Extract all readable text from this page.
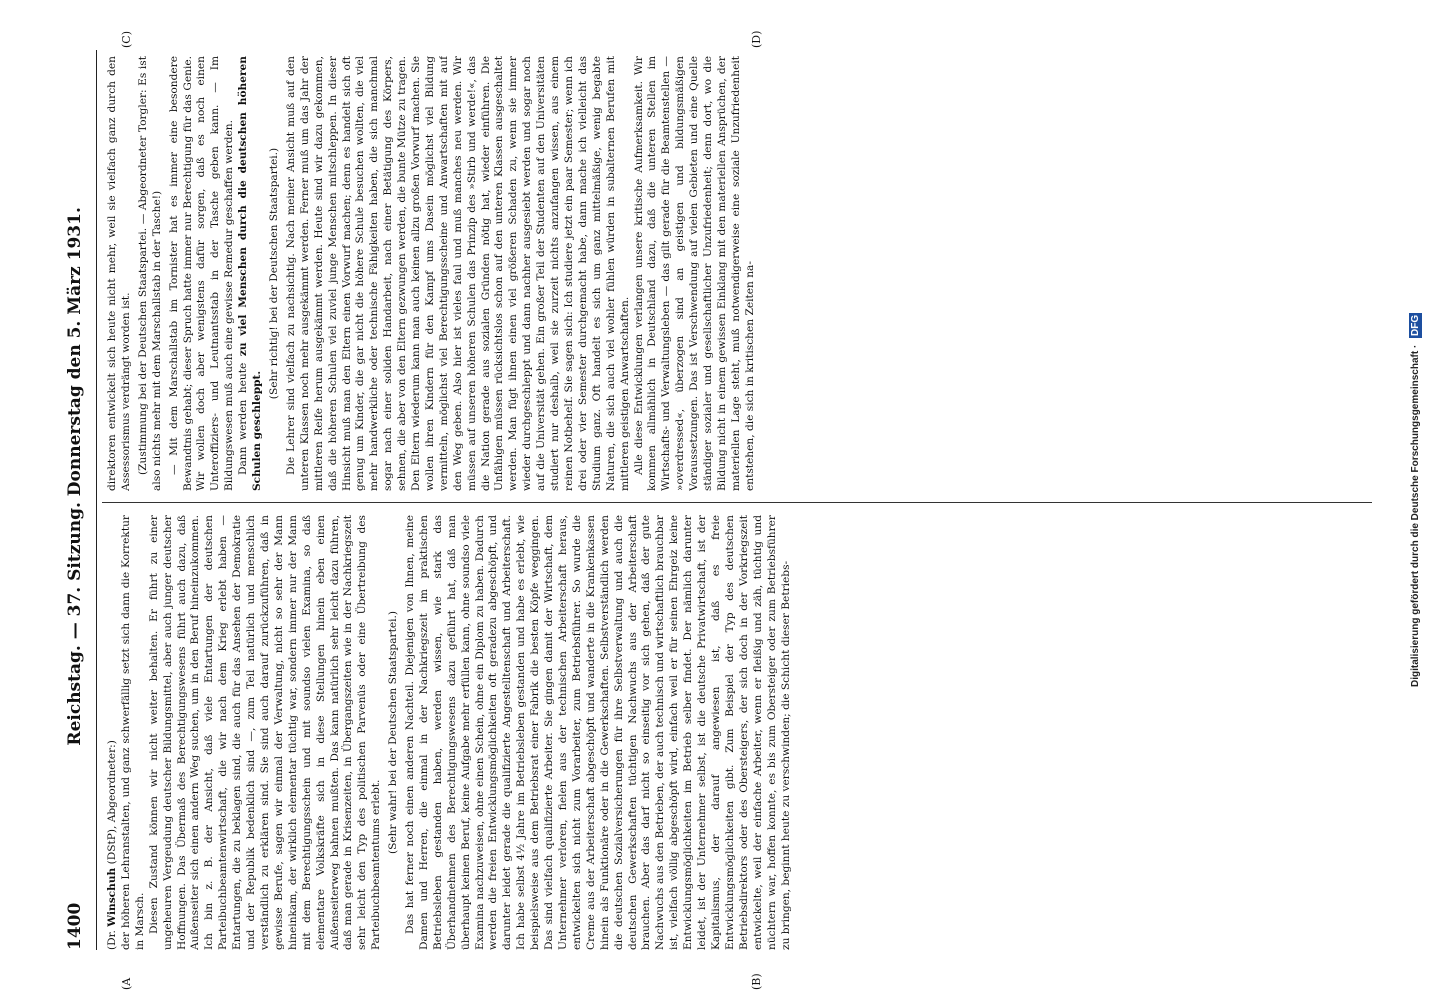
1400
Reichstag. — 37. Sitzung. Donnerstag den 5. März 1931.
(A	(B)
(C)	(D)

(Dr. Winschuh (DStP), Abgeordneter:) der höheren Lehranstalten, und ganz schwerfällig setzt sich dann die Korrektur in Marsch. Diesen Zustand können wir nicht weiter behalten. Er führt zu einer ungeheuren Vergeudung deutscher Bildungsmittel, aber auch junger deutscher Hoffnungen. Das Übermaß des Berechtigungswesens führt auch dazu, daß Außenseiter sich einen andern Weg suchen, um in den Beruf hineinzukommen. Ich bin z. B. der Ansicht, daß viele Entartungen der deutschen Parteibuchbeamtenwirtschaft, die wir nach dem Krieg erlebt haben — Entartungen, die zu beklagen sind, die auch für das Ansehen der Demokratie und der Republik bedenklich sind —, zum Teil natürlich und menschlich verständlich zu erklären sind. Sie sind auch darauf zurückzuführen, daß in gewisse Berufe, sagen wir einmal der Verwaltung, nicht so sehr der Mann hineinkam, der wirklich elementar tüchtig war, sondern immer nur der Mann mit dem Berechtigungsschein und mit soundso vielen Examina, so daß elementare Volkskräfte sich in diese Stellungen hinein eben einen Außenseiterweg bahnen mußten. Das kann natürlich sehr leicht dazu führen, daß man gerade in Krisenzeiten, in Übergangszeiten wie in der Nachkriegszeit sehr leicht den Typ des politischen Parvenüs oder eine Übertreibung des Parteibuchbeamtentums erlebt.

(Sehr wahr! bei der Deutschen Staatspartei.) Das hat ferner noch einen anderen Nachteil. Diejenigen von Ihnen, meine Damen und Herren, die einmal in der Nachkriegszeit im praktischen Betriebsleben gestanden haben, werden wissen, wie stark das Überhandnehmen des Berechtigungswesens dazu geführt hat, daß man überhaupt keinen Beruf, keine Aufgabe mehr erfüllen kann, ohne soundso viele Examina nachzuweisen, ohne einen Schein, ohne ein Diplom zu haben. Dadurch werden die freien Entwicklungsmöglichkeiten oft geradezu abgeschöpft, und darunter leidet gerade die qualifizierte Angestelltenschaft und Arbeiterschaft. Ich habe selbst 4½ Jahre im Betriebsleben gestanden und habe es erlebt, wie beispielsweise aus dem Betriebsrat einer Fabrik die besten Köpfe weggingen. Das sind vielfach qualifizierte Arbeiter. Sie gingen damit der Wirtschaft, dem Unternehmer verloren, fielen aus der technischen Arbeiterschaft heraus, entwickelten sich nicht zum Vorarbeiter, zum Betriebsführer. So wurde die Creme aus der Arbeiterschaft abgeschöpft und wanderte in die Krankenkassen hinein als Funktionäre oder in die Gewerkschaften. Selbstverständlich werden die deutschen Sozialversicherungen für ihre Selbstverwaltung und auch die deutschen Gewerkschaften tüchtigen Nachwuchs aus der Arbeiterschaft brauchen. Aber das darf nicht so einseitig vor sich gehen, daß der gute Nachwuchs aus den Betrieben, der auch technisch und wirtschaftlich brauchbar ist, vielfach völlig abgeschöpft wird, einfach weil er für seinen Ehrgeiz keine Entwicklungsmöglichkeiten im Betrieb selber findet. Der nämlich darunter leidet, ist der Unternehmer selbst, ist die deutsche Privatwirtschaft, ist der Kapitalismus, der darauf angewiesen ist, daß es freie Entwicklungsmöglichkeiten gibt. Zum Beispiel der Typ des deutschen Betriebsdirektors oder des Obersteigers, der sich doch in der Vorkriegszeit entwickelte, weil der einfache Arbeiter, wenn er fleißig und zäh, tüchtig und nüchtern war, hoffen konnte, es bis zum Obersteiger oder zum Betriebsführer zu bringen, beginnt heute zu verschwinden; die Schicht dieser Betriebs-

direktoren entwickelt sich heute nicht mehr, weil sie vielfach ganz durch den Assessorismus verdrängt worden ist. (Zustimmung bei der Deutschen Staatspartei. — Abgeordneter Torgler: Es ist also nichts mehr mit dem Marschallstab in der Tasche!) — Mit dem Marschallstab im Tornister hat es immer eine besondere Bewandtnis gehabt; dieser Spruch hatte immer nur Berechtigung für das Genie. Wir wollen doch aber wenigstens dafür sorgen, daß es noch einen Unteroffiziers- und Leutnantsstab in der Tasche geben kann. — Im Bildungswesen muß auch eine gewisse Remedur geschaffen werden. Dann werden heute zu viel Menschen durch die deutschen höheren Schulen geschleppt.

(Sehr richtig! bei der Deutschen Staatspartei.) Die Lehrer sind vielfach zu nachsichtig. Nach meiner Ansicht muß auf den unteren Klassen noch mehr ausgekämmt werden. Ferner muß um das Jahr der mittleren Reife herum ausgekämmt werden. Heute sind wir dazu gekommen, daß die höheren Schulen viel zuviel junge Menschen mitschleppen. In dieser Hinsicht muß man den Eltern einen Vorwurf machen; denn es handelt sich oft genug um Kinder, die gar nicht die höhere Schule besuchen wollten, die viel mehr handwerkliche oder technische Fähigkeiten haben, die sich manchmal sogar nach einer soliden Handarbeit, nach einer Betätigung des Körpers, sehnen, die aber von den Eltern gezwungen werden, die bunte Mütze zu tragen. Den Eltern wiederum kann man auch keinen allzu großen Vorwurf machen. Sie wollen ihren Kindern für den Kampf ums Dasein möglichst viel Bildung vermitteln, möglichst viel Berechtigungsscheine und Anwartschaften mit auf den Weg geben. Also hier ist vieles faul und muß manches neu werden. Wir müssen auf unseren höheren Schulen das Prinzip des »Stirb und werde!«, das die Nation gerade aus sozialen Gründen nötig hat, wieder einführen. Die Unfähigen müssen rücksichtslos schon auf den unteren Klassen ausgeschaltet werden. Man fügt ihnen einen viel größeren Schaden zu, wenn sie immer wieder durchgeschleppt und dann nachher ausgesiebt werden und sogar noch auf die Universität gehen. Ein großer Teil der Studenten auf den Universitäten studiert nur deshalb, weil sie zurzeit nichts anzufangen wissen, aus einem reinen Notbehelf. Sie sagen sich: Ich studiere jetzt ein paar Semester; wenn ich drei oder vier Semester durchgemacht habe, dann mache ich vielleicht das Studium ganz. Oft handelt es sich um ganz mittelmäßige, wenig begabte Naturen, die sich auch viel wohler fühlen würden in subalternen Berufen mit mittleren geistigen Anwartschaften. Alle diese Entwicklungen verlangen unsere kritische Aufmerksamkeit. Wir kommen allmählich in Deutschland dazu, daß die unteren Stellen im Wirtschafts- und Verwaltungsleben — das gilt gerade für die Beamtenstellen — »overdressed«, überzogen sind an geistigen und bildungsmäßigen Voraussetzungen. Das ist Verschwendung auf vielen Gebieten und eine Quelle ständiger sozialer und gesellschaftlicher Unzufriedenheit; denn dort, wo die Bildung nicht in einem gewissen Einklang mit den materiellen Ansprüchen, der materiellen Lage steht, muß notwendigerweise eine soziale Unzufriedenheit entstehen, die sich in kritischen Zeiten na-	Digitalisierung gefördert durch die Deutsche Forschungsgemeinschaft · DFG
